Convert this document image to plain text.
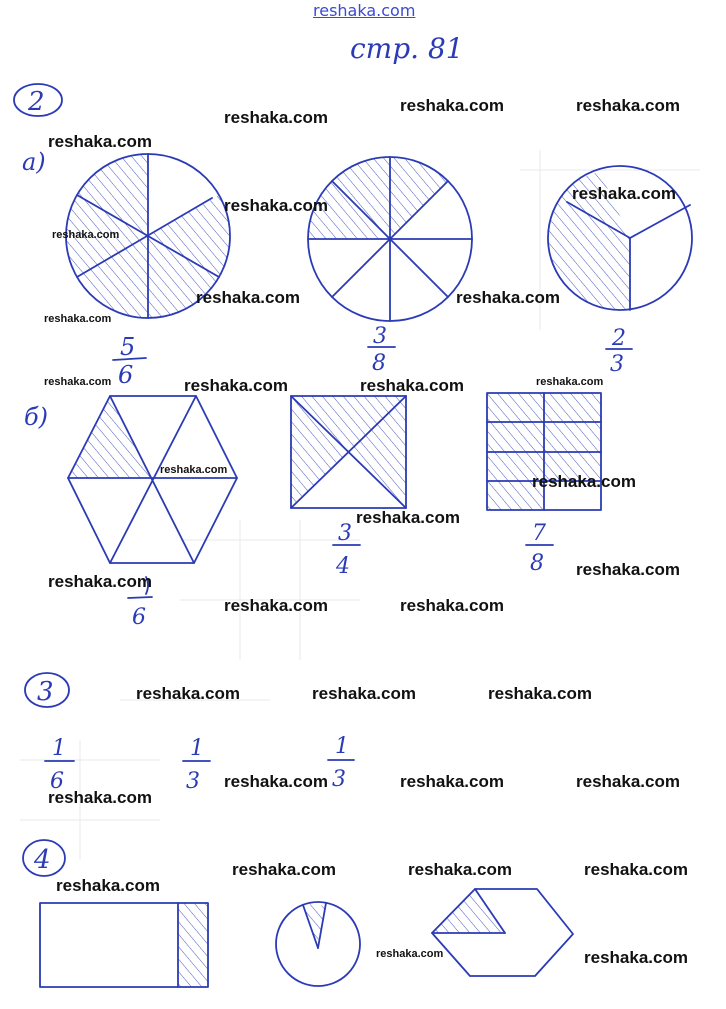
reshaka.com
стр. 81
2
а)
5
6
3
8
2
3
б)
6
3
4
7
8
3
1
6
1
3
1
3
4
reshaka.com
reshaka.com	reshaka.com
reshaka.com
reshaka.com
reshaka.com
reshaka.com
reshaka.com	reshaka.com
reshaka.com
reshaka.com	reshaka.com	reshaka.com	reshaka.com
reshaka.com
reshaka.com
reshaka.com
reshaka.com
reshaka.com
reshaka.com	reshaka.com
reshaka.com	reshaka.com	reshaka.com
reshaka.com	reshaka.com	reshaka.com
reshaka.com
reshaka.com	reshaka.com	reshaka.com
reshaka.com
reshaka.com	reshaka.com
